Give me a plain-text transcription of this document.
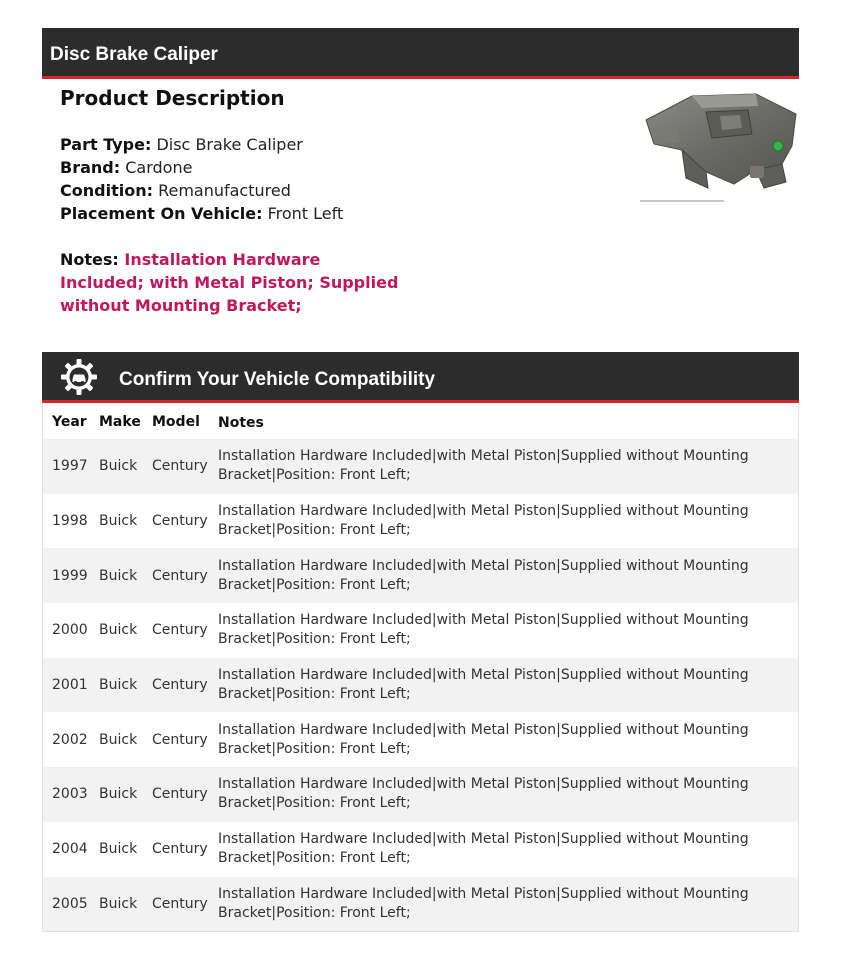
Disc Brake Caliper
Product Description
Part Type: Disc Brake Caliper
Brand: Cardone
Condition: Remanufactured
Placement On Vehicle: Front Left
Notes: Installation Hardware Included; with Metal Piston; Supplied without Mounting Bracket;
Confirm Your Vehicle Compatibility
Year Make Model Notes
1997 Buick Century
Installation Hardware Included|with Metal Piston|Supplied without Mounting Bracket|Position: Front Left;
1998 Buick Century
Installation Hardware Included|with Metal Piston|Supplied without Mounting Bracket|Position: Front Left;
1999 Buick Century
Installation Hardware Included|with Metal Piston|Supplied without Mounting Bracket|Position: Front Left;
2000 Buick Century
Installation Hardware Included|with Metal Piston|Supplied without Mounting Bracket|Position: Front Left;
2001 Buick Century
Installation Hardware Included|with Metal Piston|Supplied without Mounting Bracket|Position: Front Left;
2002 Buick Century
Installation Hardware Included|with Metal Piston|Supplied without Mounting Bracket|Position: Front Left;
2003 Buick Century
Installation Hardware Included|with Metal Piston|Supplied without Mounting Bracket|Position: Front Left;
2004 Buick Century
Installation Hardware Included|with Metal Piston|Supplied without Mounting Bracket|Position: Front Left;
2005 Buick Century
Installation Hardware Included|with Metal Piston|Supplied without Mounting Bracket|Position: Front Left;
